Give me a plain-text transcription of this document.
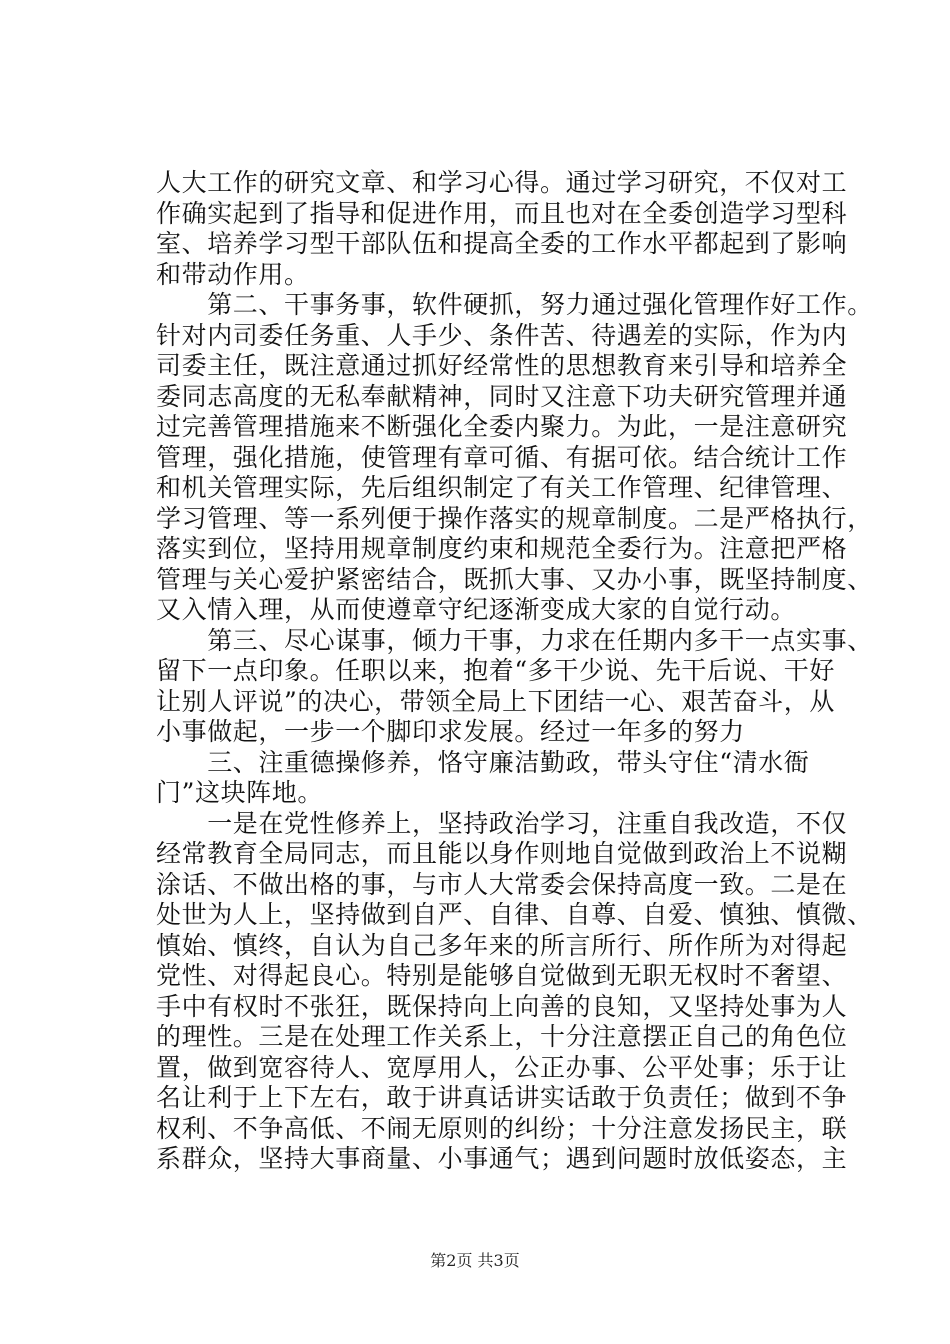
人大工作的研究文章、和学习心得。通过学习研究，不仅对工
作确实起到了指导和促进作用，而且也对在全委创造学习型科
室、培养学习型干部队伍和提高全委的工作水平都起到了影响
和带动作用。
　　第二、干事务事，软件硬抓，努力通过强化管理作好工作。
针对内司委任务重、人手少、条件苦、待遇差的实际，作为内
司委主任，既注意通过抓好经常性的思想教育来引导和培养全
委同志高度的无私奉献精神，同时又注意下功夫研究管理并通
过完善管理措施来不断强化全委内聚力。为此，一是注意研究
管理，强化措施，使管理有章可循、有据可依。结合统计工作
和机关管理实际，先后组织制定了有关工作管理、纪律管理、
学习管理、等一系列便于操作落实的规章制度。二是严格执行，
落实到位，坚持用规章制度约束和规范全委行为。注意把严格
管理与关心爱护紧密结合，既抓大事、又办小事，既坚持制度、
又入情入理，从而使遵章守纪逐渐变成大家的自觉行动。
　　第三、尽心谋事，倾力干事，力求在任期内多干一点实事、
留下一点印象。任职以来，抱着“多干少说、先干后说、干好
让别人评说”的决心，带领全局上下团结一心、艰苦奋斗，从
小事做起，一步一个脚印求发展。经过一年多的努力
　　三、注重德操修养，恪守廉洁勤政，带头守住“清水衙
门”这块阵地。
　　一是在党性修养上，坚持政治学习，注重自我改造，不仅
经常教育全局同志，而且能以身作则地自觉做到政治上不说糊
涂话、不做出格的事，与市人大常委会保持高度一致。二是在
处世为人上，坚持做到自严、自律、自尊、自爱、慎独、慎微、
慎始、慎终，自认为自己多年来的所言所行、所作所为对得起
党性、对得起良心。特别是能够自觉做到无职无权时不奢望、
手中有权时不张狂，既保持向上向善的良知，又坚持处事为人
的理性。三是在处理工作关系上，十分注意摆正自己的角色位
置，做到宽容待人、宽厚用人，公正办事、公平处事；乐于让
名让利于上下左右，敢于讲真话讲实话敢于负责任；做到不争
权利、不争高低、不闹无原则的纠纷；十分注意发扬民主，联
系群众，坚持大事商量、小事通气；遇到问题时放低姿态，主
第2页 共3页
